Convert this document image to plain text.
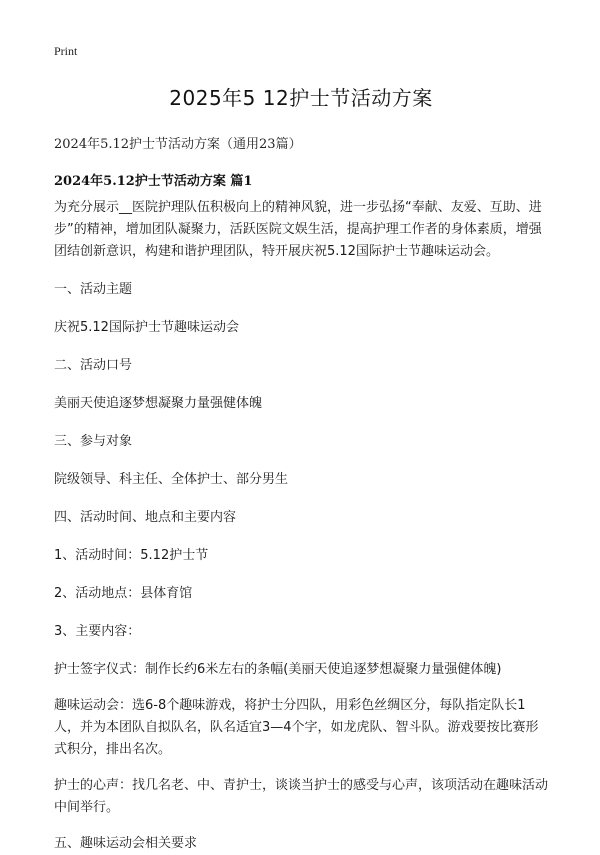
Print

2025年5 12护士节活动方案

2024年5.12护士节活动方案（通用23篇）

2024年5.12护士节活动方案 篇1

为充分展示__医院护理队伍积极向上的精神风貌，进一步弘扬“奉献、友爱、互助、进步”的精神，增加团队凝聚力，活跃医院文娱生活，提高护理工作者的身体素质，增强团结创新意识，构建和谐护理团队，特开展庆祝5.12国际护士节趣味运动会。

一、活动主题

庆祝5.12国际护士节趣味运动会

二、活动口号

美丽天使追逐梦想凝聚力量强健体魄

三、参与对象

院级领导、科主任、全体护士、部分男生

四、活动时间、地点和主要内容

1、活动时间：5.12护士节

2、活动地点：县体育馆

3、主要内容：

护士签字仪式：制作长约6米左右的条幅(美丽天使追逐梦想凝聚力量强健体魄)

趣味运动会：选6-8个趣味游戏，将护士分四队，用彩色丝绸区分，每队指定队长1人，并为本团队自拟队名，队名适宜3—4个字，如龙虎队、智斗队。游戏要按比赛形式积分，排出名次。

护士的心声：找几名老、中、青护士，谈谈当护士的感受与心声，该项活动在趣味活动中间举行。

五、趣味运动会相关要求
